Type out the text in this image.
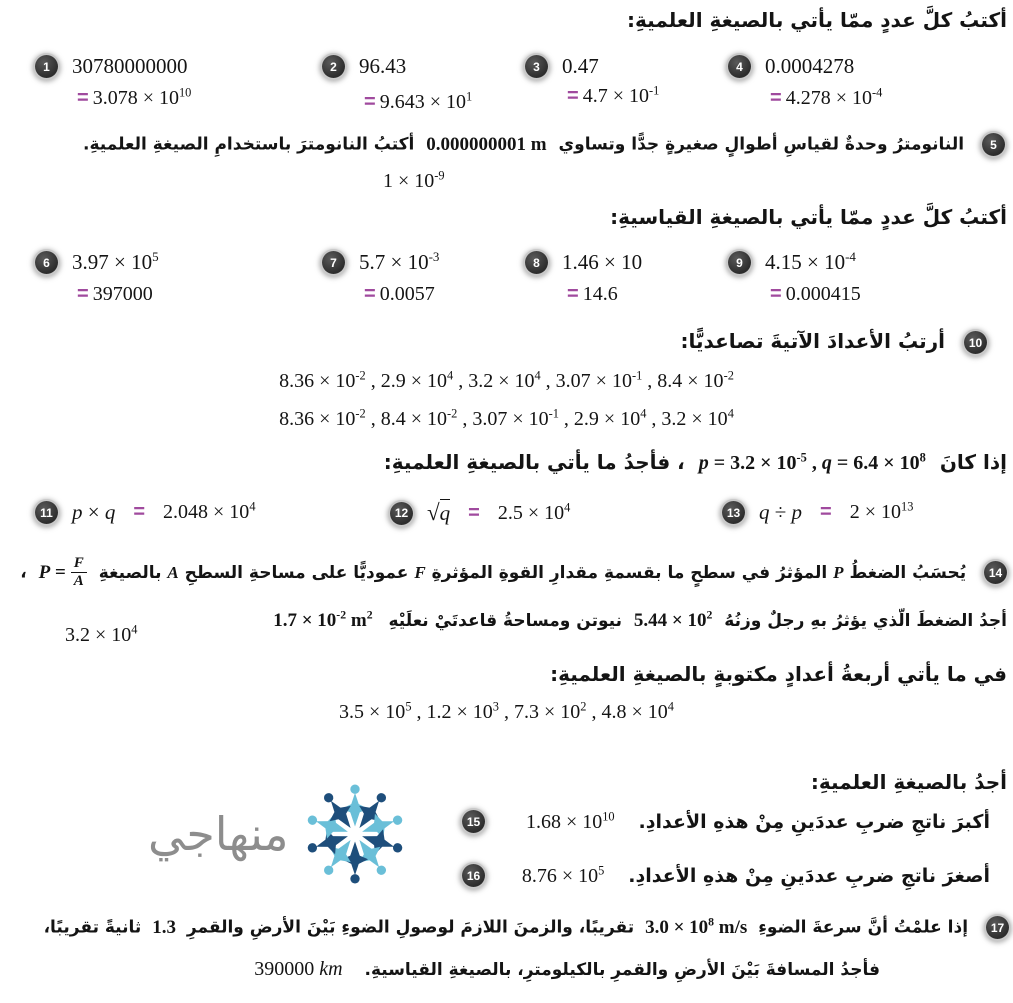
أكتبُ كلَّ عددٍ ممّا يأتي بالصيغةِ العلميةِ:
1	30780000000
= $3.078 \times 10^{10}$
2	96.43
= $9.643 \times 10^1$
3	0.47
= $4.7 \times 10^{-1}$
4	0.0004278
= $4.278 \times 10^{-4}$
5 النانومترُ وحدةٌ لقياسِ أطوالٍ صغيرةٍ جدًّا وتساوي 0.000000001 m أكتبُ النانومترَ باستخدامِ الصيغةِ العلميةِ.
$1 \times 10^{-9}$
أكتبُ كلَّ عددٍ ممّا يأتي بالصيغةِ القياسيةِ:
6	$3.97 \times 10^5$
= 397000
7	$5.7 \times 10^{-3}$
= 0.0057
8	1.46 × 10
= 14.6
9	$4.15 \times 10^{-4}$
= 0.000415
10 أرتبُ الأعدادَ الآتيةَ تصاعديًّا:
$8.36 \times 10^{-2}$ , $2.9 \times 10^4$ , $3.2 \times 10^4$ , $3.07 \times 10^{-1}$ , $8.4 \times 10^{-2}$
$8.36 \times 10^{-2}$ , $8.4 \times 10^{-2}$ , $3.07 \times 10^{-1}$ , $2.9 \times 10^4$ , $3.2 \times 10^4$
إذا كانَ $p = 3.2 \times 10^{-5}$ , $q = 6.4 \times 10^8$ ، فأجدُ ما يأتي بالصيغةِ العلميةِ:
11 $p \times q = 2.048 \times 10^4$	12 $√q = 2.5 \times 10^4$	13 $q \div p = 2 \times 10^{13}$
14 يُحسَبُ الضغطُ P المؤثرُ في سطحٍ ما بقسمةِ مقدارِ القوةِ المؤثرةِ F عموديًّا على مساحةِ السطحِ A بالصيغةِ
$P = \frac{F}{A}$
،
أجدُ الضغطَ الّذي يؤثرُ بهِ رجلٌ وزنُهُ $5.44 \times 10^2$ نيوتن ومساحةُ قاعدتَيْ نعلَيْهِ $1.7 \times 10^{-2}$ $m^2$
$3.2 \times 10^4$
في ما يأتي أربعةُ أعدادٍ مكتوبةٍ بالصيغةِ العلميةِ:
$3.5 \times 10^5$ , $1.2 \times 10^3$ , $7.3 \times 10^2$ , $4.8 \times 10^4$
أجدُ بالصيغةِ العلميةِ:
15	أكبرَ ناتجِ ضربِ عددَينِ مِنْ هذهِ الأعدادِ. $1.68 \times 10^{10}$
16	أصغرَ ناتجِ ضربِ عددَينِ مِنْ هذهِ الأعدادِ. $8.76 \times 10^5$
منهاجي
17 إذا علمْتُ أنَّ سرعةَ الضوءِ $3.0 \times 10^8$ m/s تقريبًا، والزمنَ اللازمَ لوصولِ الضوءِ بَيْنَ الأرضِ والقمرِ 1.3 ثانيةً تقريبًا،
فأجدُ المسافةَ بَيْنَ الأرضِ والقمرِ بالكيلومترِ، بالصيغةِ القياسيةِ. 390000 km
